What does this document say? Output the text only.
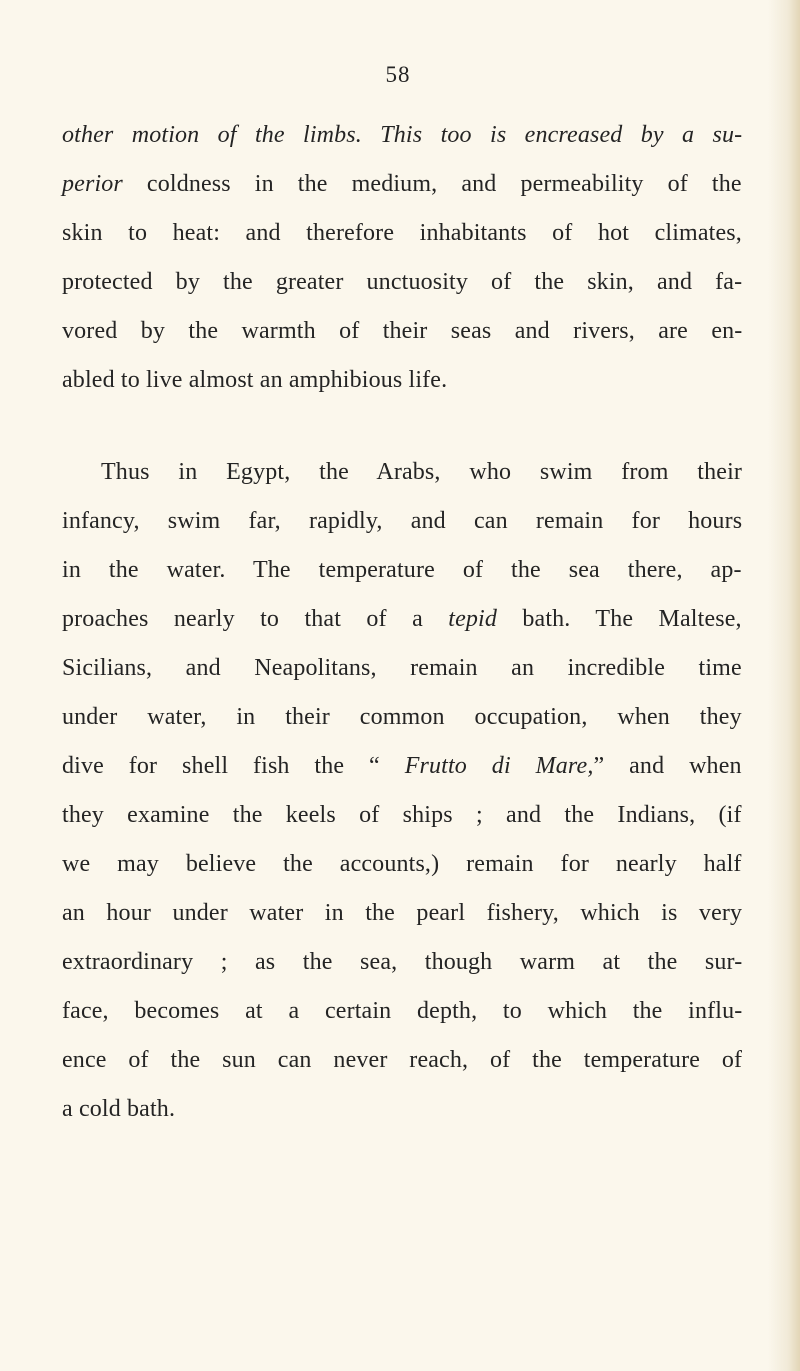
58
other motion of the limbs. This too is encreased by a su-
perior coldness in the medium, and permeability of the
skin to heat: and therefore inhabitants of hot climates,
protected by the greater unctuosity of the skin, and fa-
vored by the warmth of their seas and rivers, are en-
abled to live almost an amphibious life.
Thus in Egypt, the Arabs, who swim from their
infancy, swim far, rapidly, and can remain for hours
in the water. The temperature of the sea there, ap-
proaches nearly to that of a tepid bath. The Maltese,
Sicilians, and Neapolitans, remain an incredible time
under water, in their common occupation, when they
dive for shell fish the “ Frutto di Mare,” and when
they examine the keels of ships ; and the Indians, (if
we may believe the accounts,) remain for nearly half
an hour under water in the pearl fishery, which is very
extraordinary ; as the sea, though warm at the sur-
face, becomes at a certain depth, to which the influ-
ence of the sun can never reach, of the temperature of
a cold bath.
